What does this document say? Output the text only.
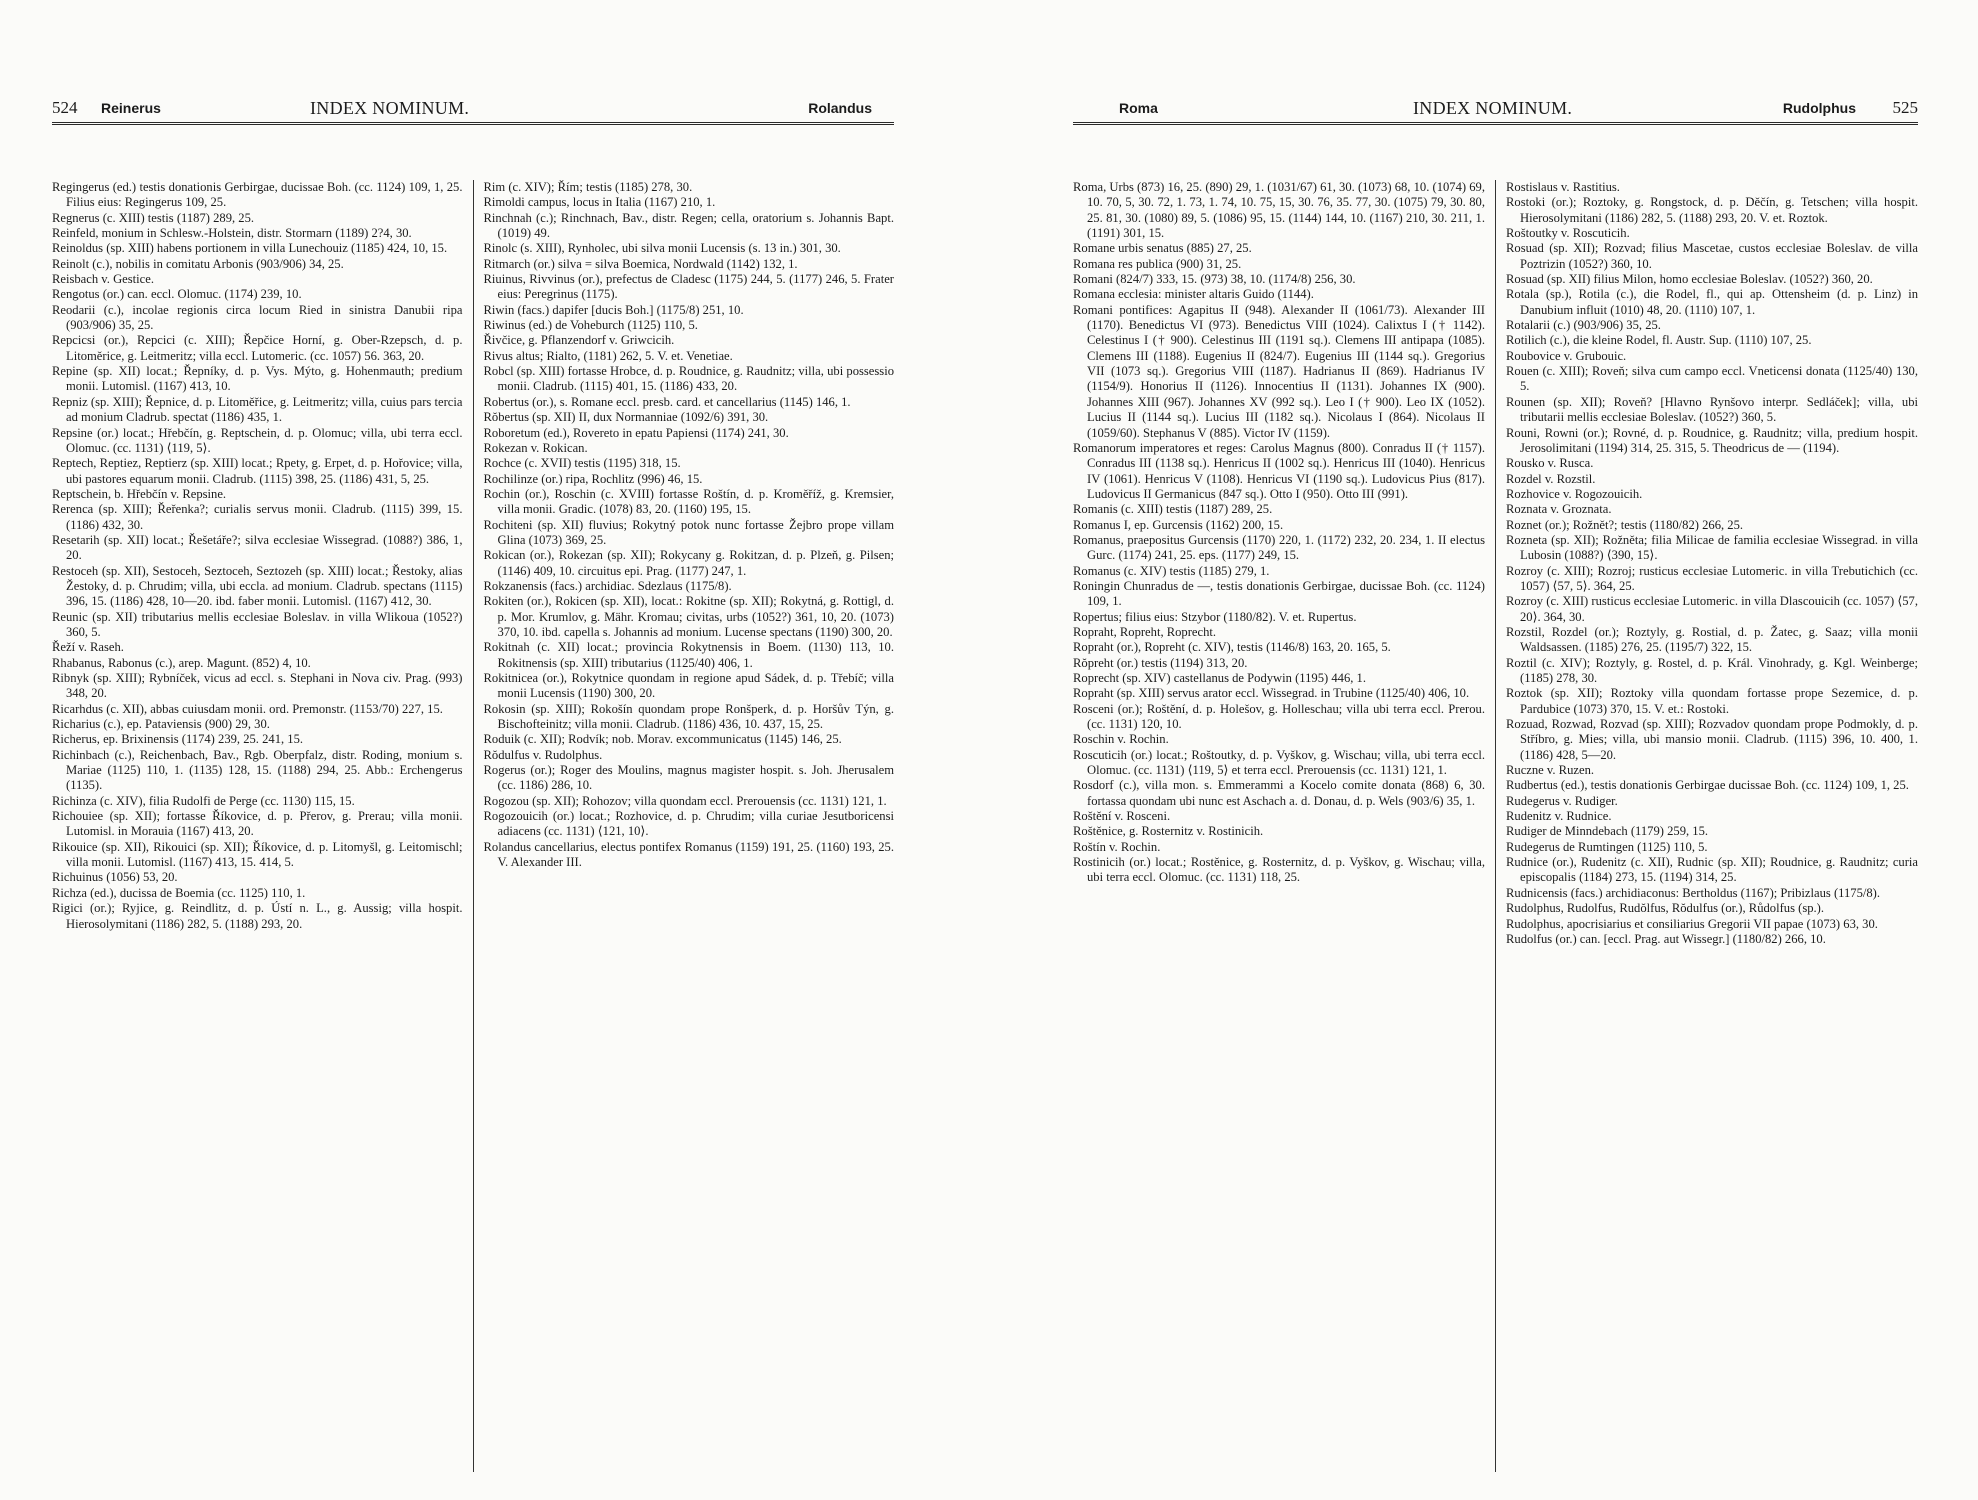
524 Reinerus	INDEX NOMINUM.	Rolandus

Regingerus (ed.) testis donationis Gerbirgae, ducissae Boh. (cc. 1124) 109, 1, 25. Filius eius: Regingerus 109, 25.

Regnerus (c. XIII) testis (1187) 289, 25.

Reinfeld, monium in Schlesw.-Holstein, distr. Stormarn (1189) 2?4, 30.

Reinoldus (sp. XIII) habens portionem in villa Lunechouiz (1185) 424, 10, 15.

Reinolt (c.), nobilis in comitatu Arbonis (903/906) 34, 25.

Reisbach v. Gestice.

Rengotus (or.) can. eccl. Olomuc. (1174) 239, 10.

Reodarii (c.), incolae regionis circa locum Ried in sinistra Danubii ripa (903/906) 35, 25.

Repcicsi (or.), Repcici (c. XIII); Řepčice Horní, g. Ober-Rzepsch, d. p. Litoměrice, g. Leitmeritz; villa eccl. Lutomeric. (cc. 1057) 56. 363, 20.

Repine (sp. XII) locat.; Řepníky, d. p. Vys. Mýto, g. Hohenmauth; predium monii. Lutomisl. (1167) 413, 10.

Repniz (sp. XIII); Řepnice, d. p. Litoměřice, g. Leitmeritz; villa, cuius pars tercia ad monium Cladrub. spectat (1186) 435, 1.

Repsine (or.) locat.; Hřebčín, g. Reptschein, d. p. Olomuc; villa, ubi terra eccl. Olomuc. (cc. 1131) ⟨119, 5⟩.

Reptech, Reptiez, Reptierz (sp. XIII) locat.; Rpety, g. Erpet, d. p. Hořovice; villa, ubi pastores equarum monii. Cladrub. (1115) 398, 25. (1186) 431, 5, 25.

Reptschein, b. Hřebčín v. Repsine.

Rerenca (sp. XIII); Řeřenka?; curialis servus monii. Cladrub. (1115) 399, 15. (1186) 432, 30.

Resetarih (sp. XII) locat.; Řešetáře?; silva ecclesiae Wissegrad. (1088?) 386, 1, 20.

Restoceh (sp. XII), Sestoceh, Seztoceh, Seztozeh (sp. XIII) locat.; Řestoky, alias Žestoky, d. p. Chrudim; villa, ubi eccla. ad monium. Cladrub. spectans (1115) 396, 15. (1186) 428, 10—20. ibd. faber monii. Lutomisl. (1167) 412, 30.

Reunic (sp. XII) tributarius mellis ecclesiae Boleslav. in villa Wlikoua (1052?) 360, 5.

Řeží v. Raseh.

Rhabanus, Rabonus (c.), arep. Magunt. (852) 4, 10.

Ribnyk (sp. XIII); Rybníček, vicus ad eccl. s. Stephani in Nova civ. Prag. (993) 348, 20.

Ricarhdus (c. XII), abbas cuiusdam monii. ord. Premonstr. (1153/70) 227, 15.

Richarius (c.), ep. Pataviensis (900) 29, 30.

Richerus, ep. Brixinensis (1174) 239, 25. 241, 15.

Richinbach (c.), Reichenbach, Bav., Rgb. Oberpfalz, distr. Roding, monium s. Mariae (1125) 110, 1. (1135) 128, 15. (1188) 294, 25. Abb.: Erchengerus (1135).

Richinza (c. XIV), filia Rudolfi de Perge (cc. 1130) 115, 15.

Richouiee (sp. XII); fortasse Říkovice, d. p. Přerov, g. Prerau; villa monii. Lutomisl. in Morauia (1167) 413, 20.

Rikouice (sp. XII), Rikouici (sp. XII); Říkovice, d. p. Litomyšl, g. Leitomischl; villa monii. Lutomisl. (1167) 413, 15. 414, 5.

Richuinus (1056) 53, 20.

Richza (ed.), ducissa de Boemia (cc. 1125) 110, 1.

Rigici (or.); Ryjice, g. Reindlitz, d. p. Ústí n. L., g. Aussig; villa hospit. Hierosolymitani (1186) 282, 5. (1188) 293, 20.

Rim (c. XIV); Řím; testis (1185) 278, 30.

Rimoldi campus, locus in Italia (1167) 210, 1.

Rinchnah (c.); Rinchnach, Bav., distr. Regen; cella, oratorium s. Johannis Bapt. (1019) 49.

Rinolc (s. XIII), Rynholec, ubi silva monii Lucensis (s. 13 in.) 301, 30.

Ritmarch (or.) silva = silva Boemica, Nordwald (1142) 132, 1.

Riuinus, Rivvinus (or.), prefectus de Cladesc (1175) 244, 5. (1177) 246, 5. Frater eius: Peregrinus (1175).

Riwin (facs.) dapifer [ducis Boh.] (1175/8) 251, 10.

Riwinus (ed.) de Voheburch (1125) 110, 5.

Řivčice, g. Pflanzendorf v. Griwcicih.

Rivus altus; Rialto, (1181) 262, 5. V. et. Venetiae.

Robcl (sp. XIII) fortasse Hrobce, d. p. Roudnice, g. Raudnitz; villa, ubi possessio monii. Cladrub. (1115) 401, 15. (1186) 433, 20.

Robertus (or.), s. Romane eccl. presb. card. et cancellarius (1145) 146, 1.

Rŏbertus (sp. XII) II, dux Normanniae (1092/6) 391, 30.

Roboretum (ed.), Rovereto in epatu Papiensi (1174) 241, 30.

Rokezan v. Rokican.

Rochce (c. XVII) testis (1195) 318, 15.

Rochilinze (or.) ripa, Rochlitz (996) 46, 15.

Rochin (or.), Roschin (c. XVIII) fortasse Roštín, d. p. Kroměříž, g. Kremsier, villa monii. Gradic. (1078) 83, 20. (1160) 195, 15.

Rochiteni (sp. XII) fluvius; Rokytný potok nunc fortasse Žejbro prope villam Glina (1073) 369, 25.

Rokican (or.), Rokezan (sp. XII); Rokycany g. Rokitzan, d. p. Plzeň, g. Pilsen; (1146) 409, 10. circuitus epi. Prag. (1177) 247, 1.

Rokzanensis (facs.) archidiac. Sdezlaus (1175/8).

Rokiten (or.), Rokicen (sp. XII), locat.: Rokitne (sp. XII); Rokytná, g. Rottigl, d. p. Mor. Krumlov, g. Mähr. Kromau; civitas, urbs (1052?) 361, 10, 20. (1073) 370, 10. ibd. capella s. Johannis ad monium. Lucense spectans (1190) 300, 20.

Rokitnah (c. XII) locat.; provincia Rokytnensis in Boem. (1130) 113, 10. Rokitnensis (sp. XIII) tributarius (1125/40) 406, 1.

Rokitnicea (or.), Rokytnice quondam in regione apud Sádek, d. p. Třebíč; villa monii Lucensis (1190) 300, 20.

Rokosin (sp. XIII); Rokošín quondam prope Ronšperk, d. p. Horšův Týn, g. Bischofteinitz; villa monii. Cladrub. (1186) 436, 10. 437, 15, 25.

Roduik (c. XII); Rodvík; nob. Morav. excommunicatus (1145) 146, 25.

Rŏdulfus v. Rudolphus.

Rogerus (or.); Roger des Moulins, magnus magister hospit. s. Joh. Jherusalem (cc. 1186) 286, 10.

Rogozou (sp. XII); Rohozov; villa quondam eccl. Prerouensis (cc. 1131) 121, 1.

Rogozouicih (or.) locat.; Rozhovice, d. p. Chrudim; villa curiae Jesutboricensi adiacens (cc. 1131) ⟨121, 10⟩.

Rolandus cancellarius, electus pontifex Romanus (1159) 191, 25. (1160) 193, 25. V. Alexander III.

Roma	INDEX NOMINUM.	Rudolphus 525

Roma, Urbs (873) 16, 25. (890) 29, 1. (1031/67) 61, 30. (1073) 68, 10. (1074) 69, 10. 70, 5, 30. 72, 1. 73, 1. 74, 10. 75, 15, 30. 76, 35. 77, 30. (1075) 79, 30. 80, 25. 81, 30. (1080) 89, 5. (1086) 95, 15. (1144) 144, 10. (1167) 210, 30. 211, 1. (1191) 301, 15.

Romane urbis senatus (885) 27, 25.

Romana res publica (900) 31, 25.

Romani (824/7) 333, 15. (973) 38, 10. (1174/8) 256, 30.

Romana ecclesia: minister altaris Guido (1144).

Romani pontifices: Agapitus II (948). Alexander II (1061/73). Alexander III (1170). Benedictus VI (973). Benedictus VIII (1024). Calixtus I († 1142). Celestinus I († 900). Celestinus III (1191 sq.). Clemens III antipapa (1085). Clemens III (1188). Eugenius II (824/7). Eugenius III (1144 sq.). Gregorius VII (1073 sq.). Gregorius VIII (1187). Hadrianus II (869). Hadrianus IV (1154/9). Honorius II (1126). Innocentius II (1131). Johannes IX (900). Johannes XIII (967). Johannes XV (992 sq.). Leo I († 900). Leo IX (1052). Lucius II (1144 sq.). Lucius III (1182 sq.). Nicolaus I (864). Nicolaus II (1059/60). Stephanus V (885). Victor IV (1159).

Romanorum imperatores et reges: Carolus Magnus (800). Conradus II († 1157). Conradus III (1138 sq.). Henricus II (1002 sq.). Henricus III (1040). Henricus IV (1061). Henricus V (1108). Henricus VI (1190 sq.). Ludovicus Pius (817). Ludovicus II Germanicus (847 sq.). Otto I (950). Otto III (991).

Romanis (c. XIII) testis (1187) 289, 25.

Romanus I, ep. Gurcensis (1162) 200, 15.

Romanus, praepositus Gurcensis (1170) 220, 1. (1172) 232, 20. 234, 1. II electus Gurc. (1174) 241, 25. eps. (1177) 249, 15.

Romanus (c. XIV) testis (1185) 279, 1.

Roningin Chunradus de —, testis donationis Gerbirgae, ducissae Boh. (cc. 1124) 109, 1.

Ropertus; filius eius: Stzybor (1180/82). V. et. Rupertus.

Ropraht, Ropreht, Roprecht.

Ropraht (or.), Ropreht (c. XIV), testis (1146/8) 163, 20. 165, 5.

Rŏpreht (or.) testis (1194) 313, 20.

Roprecht (sp. XIV) castellanus de Podywin (1195) 446, 1.

Ropraht (sp. XIII) servus arator eccl. Wissegrad. in Trubine (1125/40) 406, 10.

Rosceni (or.); Roštění, d. p. Holešov, g. Holleschau; villa ubi terra eccl. Prerou. (cc. 1131) 120, 10.

Roschin v. Rochin.

Roscuticih (or.) locat.; Roštoutky, d. p. Vyškov, g. Wischau; villa, ubi terra eccl. Olomuc. (cc. 1131) ⟨119, 5⟩ et terra eccl. Prerouensis (cc. 1131) 121, 1.

Rosdorf (c.), villa mon. s. Emmerammi a Kocelo comite donata (868) 6, 30. fortassa quondam ubi nunc est Aschach a. d. Donau, d. p. Wels (903/6) 35, 1.

Roštění v. Rosceni.

Roštěnice, g. Rosternitz v. Rostinicih.

Roštín v. Rochin.

Rostinicih (or.) locat.; Rostěnice, g. Rosternitz, d. p. Vyškov, g. Wischau; villa, ubi terra eccl. Olomuc. (cc. 1131) 118, 25.

Rostislaus v. Rastitius.

Rostoki (or.); Roztoky, g. Rongstock, d. p. Děčín, g. Tetschen; villa hospit. Hierosolymitani (1186) 282, 5. (1188) 293, 20. V. et. Roztok.

Roštoutky v. Roscuticih.

Rosuad (sp. XII); Rozvad; filius Mascetae, custos ecclesiae Boleslav. de villa Poztrizin (1052?) 360, 10.

Rosuad (sp. XII) filius Milon, homo ecclesiae Boleslav. (1052?) 360, 20.

Rotala (sp.), Rotila (c.), die Rodel, fl., qui ap. Ottensheim (d. p. Linz) in Danubium influit (1010) 48, 20. (1110) 107, 1.

Rotalarii (c.) (903/906) 35, 25.

Rotilich (c.), die kleine Rodel, fl. Austr. Sup. (1110) 107, 25.

Roubovice v. Grubouic.

Rouen (c. XIII); Roveň; silva cum campo eccl. Vneticensi donata (1125/40) 130, 5.

Rounen (sp. XII); Roveň? [Hlavno Rynšovo interpr. Sedláček]; villa, ubi tributarii mellis ecclesiae Boleslav. (1052?) 360, 5.

Rouni, Rowni (or.); Rovné, d. p. Roudnice, g. Raudnitz; villa, predium hospit. Jerosolimitani (1194) 314, 25. 315, 5. Theodricus de — (1194).

Rousko v. Rusca.

Rozdel v. Rozstil.

Rozhovice v. Rogozouicih.

Roznata v. Groznata.

Roznet (or.); Rožnět?; testis (1180/82) 266, 25.

Rozneta (sp. XII); Rožněta; filia Milicae de familia ecclesiae Wissegrad. in villa Lubosin (1088?) ⟨390, 15⟩.

Rozroy (c. XIII); Rozroj; rusticus ecclesiae Lutomeric. in villa Trebutichich (cc. 1057) ⟨57, 5⟩. 364, 25.

Rozroy (c. XIII) rusticus ecclesiae Lutomeric. in villa Dlascouicih (cc. 1057) ⟨57, 20⟩. 364, 30.

Rozstil, Rozdel (or.); Roztyly, g. Rostial, d. p. Žatec, g. Saaz; villa monii Waldsassen. (1185) 276, 25. (1195/7) 322, 15.

Roztil (c. XIV); Roztyly, g. Rostel, d. p. Král. Vinohrady, g. Kgl. Weinberge; (1185) 278, 30.

Roztok (sp. XII); Roztoky villa quondam fortasse prope Sezemice, d. p. Pardubice (1073) 370, 15. V. et.: Rostoki.

Rozuad, Rozwad, Rozvad (sp. XIII); Rozvadov quondam prope Podmokly, d. p. Stříbro, g. Mies; villa, ubi mansio monii. Cladrub. (1115) 396, 10. 400, 1. (1186) 428, 5—20.

Ruczne v. Ruzen.

Rudbertus (ed.), testis donationis Gerbirgae ducissae Boh. (cc. 1124) 109, 1, 25.

Rudegerus v. Rudiger.

Rudenitz v. Rudnice.

Rudiger de Minndebach (1179) 259, 15.

Rudegerus de Rumtingen (1125) 110, 5.

Rudnice (or.), Rudenitz (c. XII), Rudnic (sp. XII); Roudnice, g. Raudnitz; curia episcopalis (1184) 273, 15. (1194) 314, 25.

Rudnicensis (facs.) archidiaconus: Bertholdus (1167); Pribizlaus (1175/8).

Rudolphus, Rudolfus, Rudŏlfus, Rŏdulfus (or.), Růdolfus (sp.).

Rudolphus, apocrisiarius et consiliarius Gregorii VII papae (1073) 63, 30.

Rudolfus (or.) can. [eccl. Prag. aut Wissegr.] (1180/82) 266, 10.
